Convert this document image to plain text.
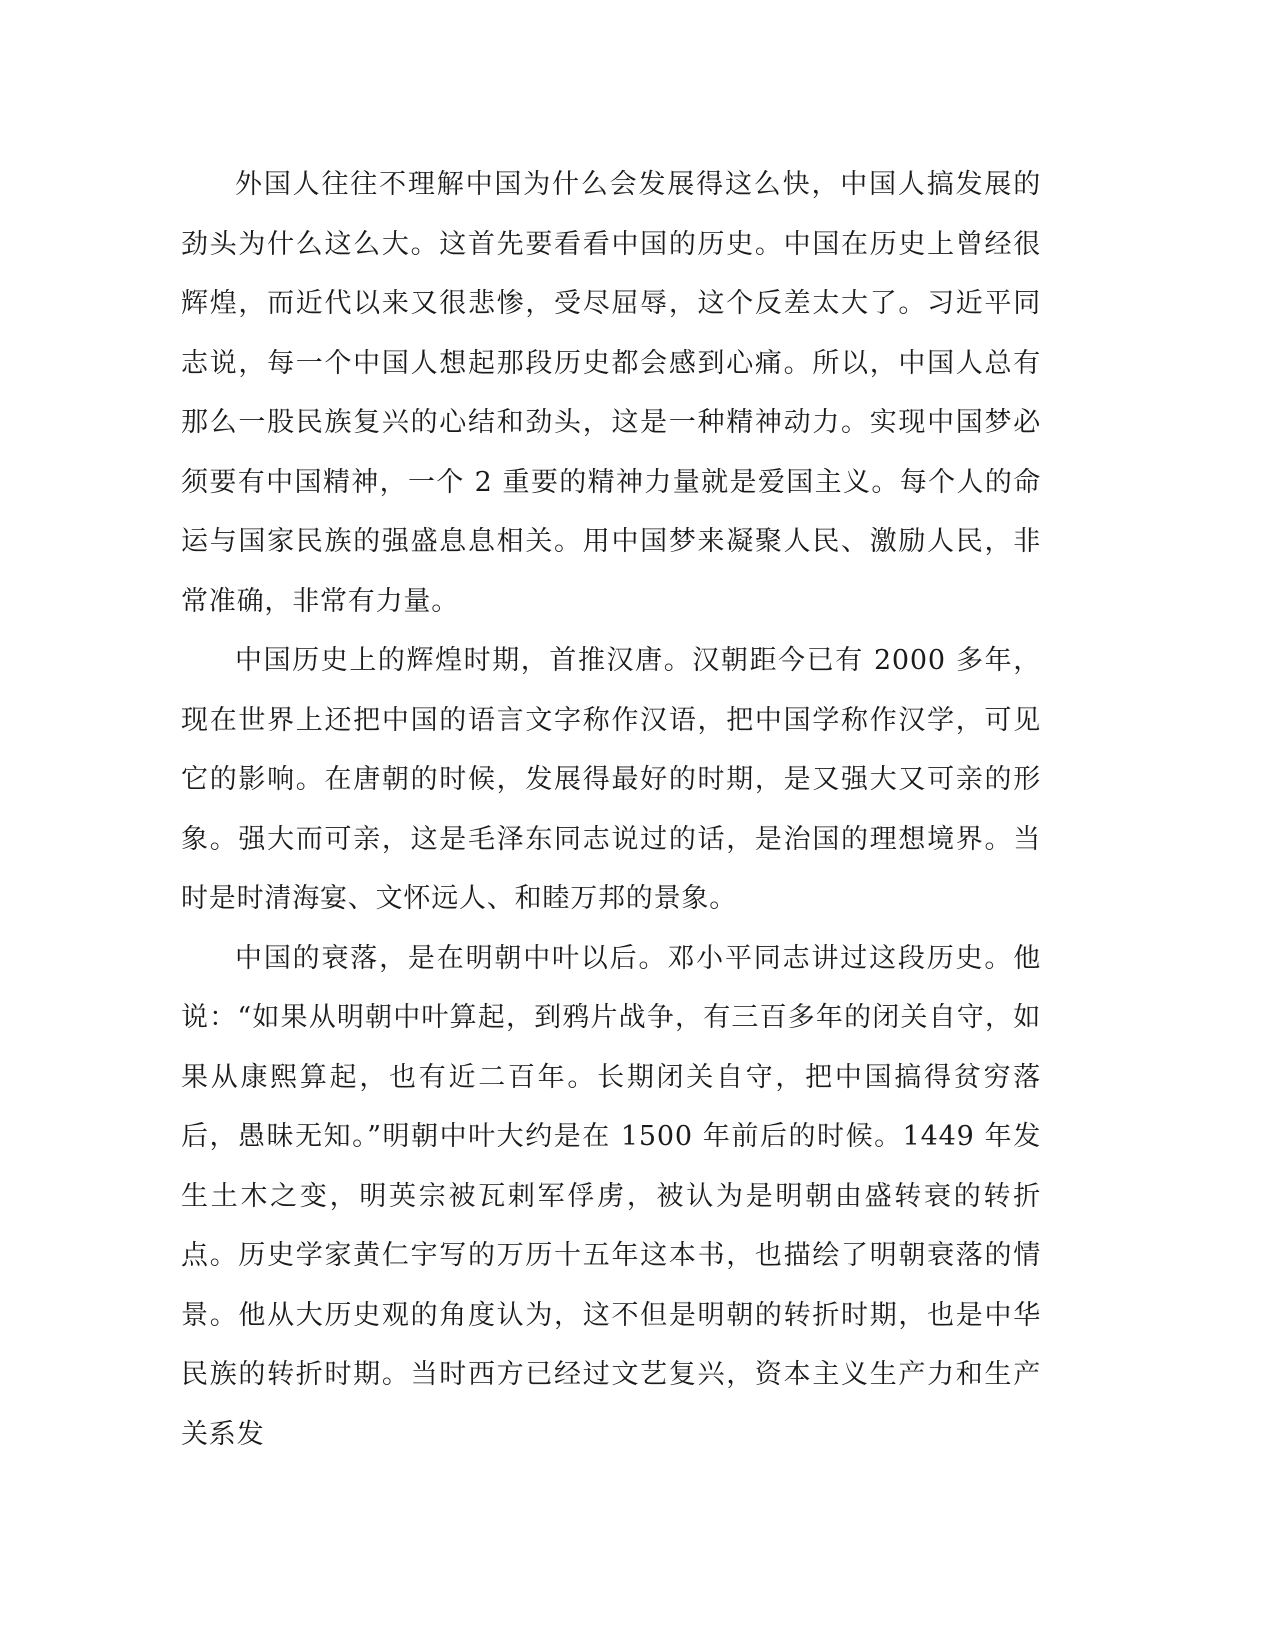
外国人往往不理解中国为什么会发展得这么快，中国人搞发展的劲头为什么这么大。这首先要看看中国的历史。中国在历史上曾经很辉煌，而近代以来又很悲惨，受尽屈辱，这个反差太大了。习近平同志说，每一个中国人想起那段历史都会感到心痛。所以，中国人总有那么一股民族复兴的心结和劲头，这是一种精神动力。实现中国梦必须要有中国精神，一个 2 重要的精神力量就是爱国主义。每个人的命运与国家民族的强盛息息相关。用中国梦来凝聚人民、激励人民，非常准确，非常有力量。

中国历史上的辉煌时期，首推汉唐。汉朝距今已有 2000 多年，现在世界上还把中国的语言文字称作汉语，把中国学称作汉学，可见它的影响。在唐朝的时候，发展得最好的时期，是又强大又可亲的形象。强大而可亲，这是毛泽东同志说过的话，是治国的理想境界。当时是时清海宴、文怀远人、和睦万邦的景象。

中国的衰落，是在明朝中叶以后。邓小平同志讲过这段历史。他说：“如果从明朝中叶算起，到鸦片战争，有三百多年的闭关自守，如果从康熙算起，也有近二百年。长期闭关自守，把中国搞得贫穷落后，愚昧无知。”明朝中叶大约是在 1500 年前后的时候。1449 年发生土木之变，明英宗被瓦剌军俘虏，被认为是明朝由盛转衰的转折点。历史学家黄仁宇写的万历十五年这本书，也描绘了明朝衰落的情景。他从大历史观的角度认为，这不但是明朝的转折时期，也是中华民族的转折时期。当时西方已经过文艺复兴，资本主义生产力和生产关系发
